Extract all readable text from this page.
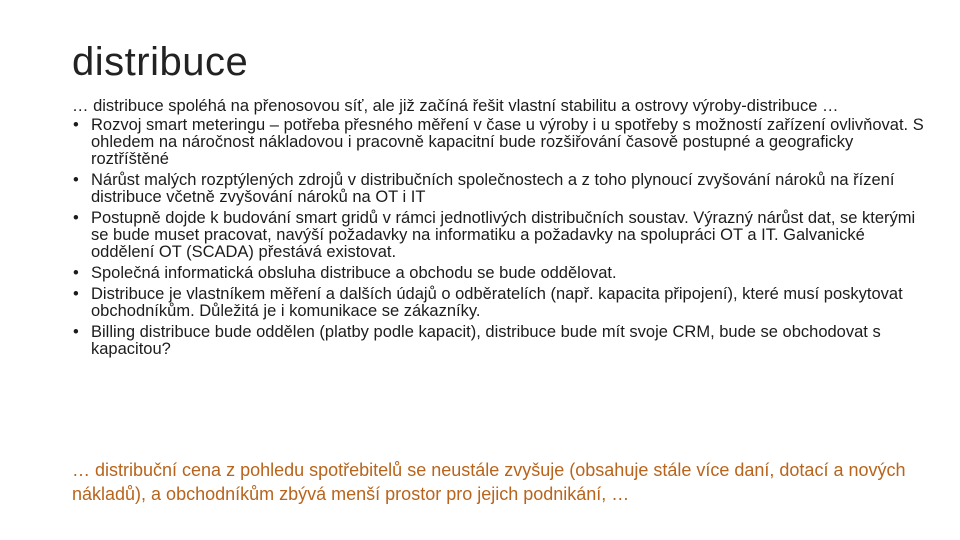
distribuce
… distribuce spoléhá na přenosovou síť, ale již začíná řešit vlastní stabilitu a ostrovy výroby-distribuce …
• Rozvoj smart meteringu – potřeba přesného měření v čase u výroby i u spotřeby s možností zařízení ovlivňovat. S ohledem na náročnost nákladovou i pracovně kapacitní bude rozšiřování časově postupné a geograficky roztříštěné
• Nárůst malých rozptýlených zdrojů v distribučních společnostech a z toho plynoucí zvyšování nároků na řízení distribuce včetně zvyšování nároků na OT i IT
• Postupně dojde k budování smart gridů v rámci jednotlivých distribučních soustav. Výrazný nárůst dat, se kterými se bude muset pracovat, navýší požadavky na informatiku a požadavky na spolupráci OT a IT. Galvanické oddělení OT (SCADA) přestává existovat.
• Společná informatická obsluha distribuce a obchodu se bude oddělovat.
• Distribuce je vlastníkem měření a dalších údajů o odběratelích (např. kapacita připojení), které musí poskytovat obchodníkům. Důležitá je i komunikace se zákazníky.
• Billing distribuce bude oddělen (platby podle kapacit), distribuce bude mít svoje CRM, bude se obchodovat s kapacitou?
… distribuční cena z pohledu spotřebitelů se neustále zvyšuje (obsahuje stále více daní, dotací a nových nákladů), a obchodníkům zbývá menší prostor pro jejich podnikání, …
